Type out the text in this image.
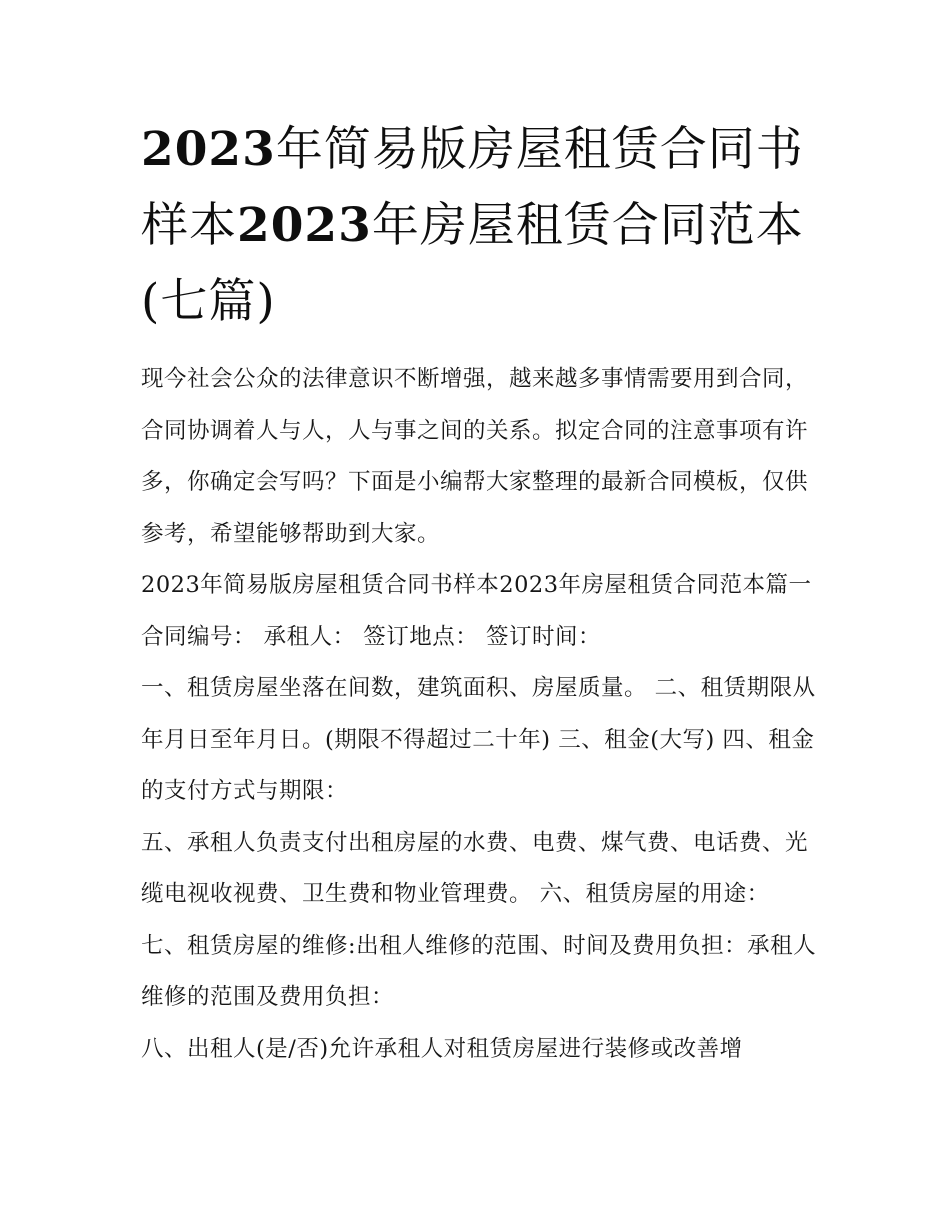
2023年简易版房屋租赁合同书样本2023年房屋租赁合同范本(七篇)

现今社会公众的法律意识不断增强，越来越多事情需要用到合同，合同协调着人与人，人与事之间的关系。拟定合同的注意事项有许多，你确定会写吗？下面是小编帮大家整理的最新合同模板，仅供参考，希望能够帮助到大家。

2023年简易版房屋租赁合同书样本2023年房屋租赁合同范本篇一 合同编号： 承租人： 签订地点： 签订时间：

一、租赁房屋坐落在间数，建筑面积、房屋质量。 二、租赁期限从年月日至年月日。(期限不得超过二十年) 三、租金(大写) 四、租金的支付方式与期限：

五、承租人负责支付出租房屋的水费、电费、煤气费、电话费、光缆电视收视费、卫生费和物业管理费。 六、租赁房屋的用途：

七、租赁房屋的维修:出租人维修的范围、时间及费用负担：承租人维修的范围及费用负担：

八、出租人(是/否)允许承租人对租赁房屋进行装修或改善增
